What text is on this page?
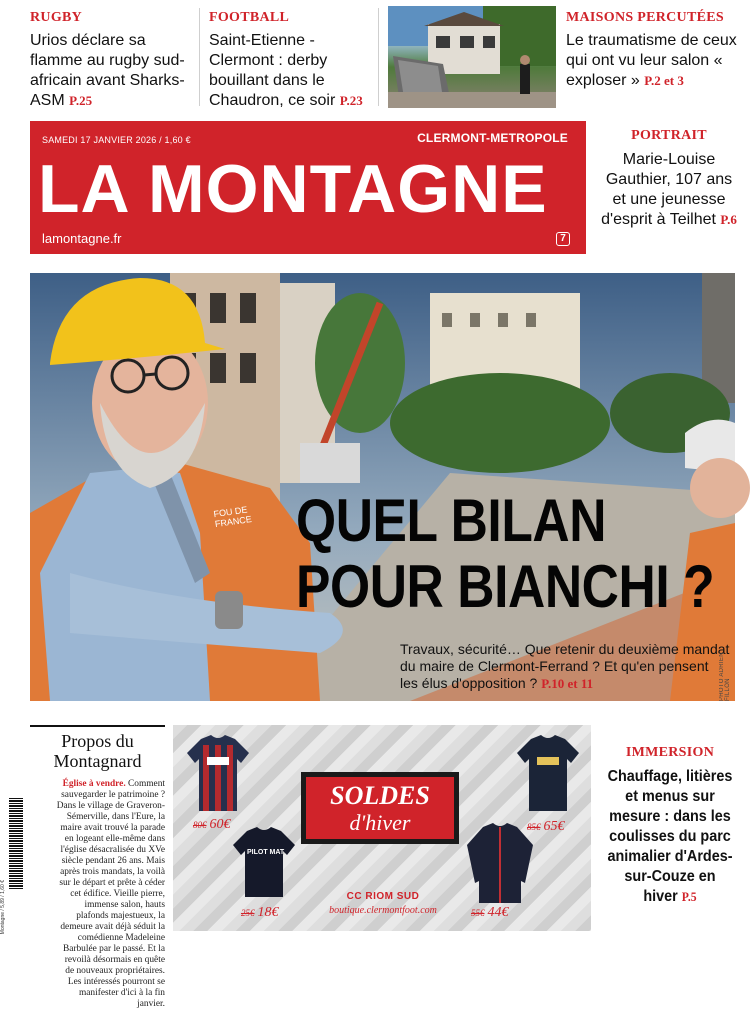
RUGBY
Urios déclare sa flamme au rugby sud-africain avant Sharks-ASM P.25
FOOTBALL
Saint-Etienne - Clermont : derby bouillant dans le Chaudron, ce soir P.23
MAISONS PERCUTÉES
Le traumatisme de ceux qui ont vu leur salon « exploser » P.2 et 3
SAMEDI 17 JANVIER 2026 / 1,60 €	CLERMONT-METROPOLE
LA MONTAGNE
lamontagne.fr	7
PORTRAIT
Marie-Louise Gauthier, 107 ans et une jeunesse d'esprit à Teilhet P.6
QUEL BILAN
POUR BIANCHI ?
Travaux, sécurité… Que retenir du deuxième mandat du maire de Clermont-Ferrand ? Et qu'en pensent les élus d'opposition ? P.10 et 11	PHOTO ADRIEN FILLON
FOU DE FRANCE
Montagne / 5,89 / 1,60 €
Propos du Montagnard
Église à vendre. Comment sauvegarder le patrimoine ? Dans le village de Graveron-Sémerville, dans l'Eure, la maire avait trouvé la parade en logeant elle-même dans l'église désacralisée du XVe siècle pendant 26 ans. Mais après trois mandats, la voilà sur le départ et prête à céder cet édifice. Vieille pierre, immense salon, hauts plafonds majestueux, la demeure avait déjà séduit la comédienne Madeleine Barbulée par le passé. Et la revoilà désormais en quête de nouveaux propriétaires. Les intéressés pourront se manifester d'ici à la fin janvier.
80€ 60€	85€ 65€
PILOT MAT
25€ 18€	55€ 44€
SOLDES
d'hiver
CC RIOM SUD
boutique.clermontfoot.com
IMMERSION
Chauffage, litières et menus sur mesure : dans les coulisses du parc animalier d'Ardes-sur-Couze en hiver P.5
